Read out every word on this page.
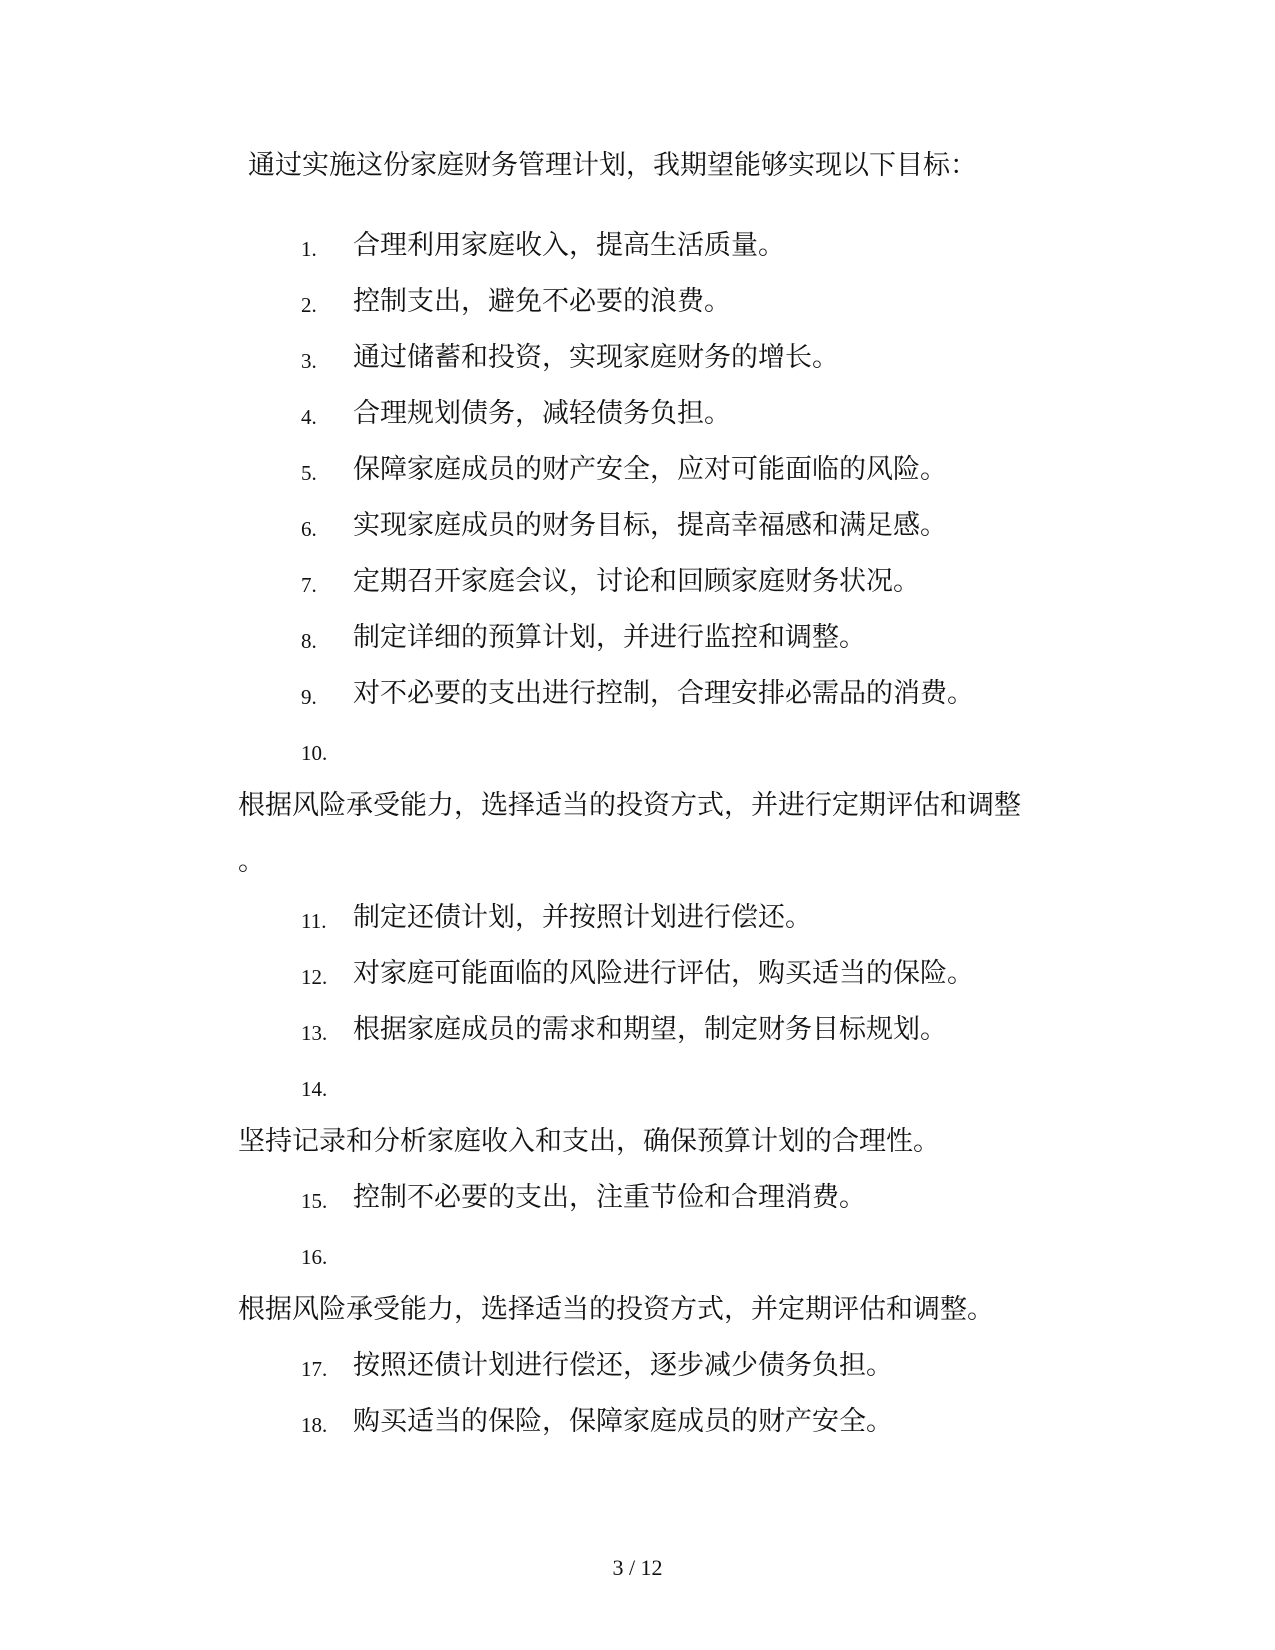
通过实施这份家庭财务管理计划，我期望能够实现以下目标：
1. 合理利用家庭收入，提高生活质量。
2. 控制支出，避免不必要的浪费。
3. 通过储蓄和投资，实现家庭财务的增长。
4. 合理规划债务，减轻债务负担。
5. 保障家庭成员的财产安全，应对可能面临的风险。
6. 实现家庭成员的财务目标，提高幸福感和满足感。
7. 定期召开家庭会议，讨论和回顾家庭财务状况。
8. 制定详细的预算计划，并进行监控和调整。
9. 对不必要的支出进行控制，合理安排必需品的消费。
10.
根据风险承受能力，选择适当的投资方式，并进行定期评估和调整
。
11. 制定还债计划，并按照计划进行偿还。
12. 对家庭可能面临的风险进行评估，购买适当的保险。
13. 根据家庭成员的需求和期望，制定财务目标规划。
14.
坚持记录和分析家庭收入和支出，确保预算计划的合理性。
15. 控制不必要的支出，注重节俭和合理消费。
16.
根据风险承受能力，选择适当的投资方式，并定期评估和调整。
17. 按照还债计划进行偿还，逐步减少债务负担。
18. 购买适当的保险，保障家庭成员的财产安全。
3 / 12
